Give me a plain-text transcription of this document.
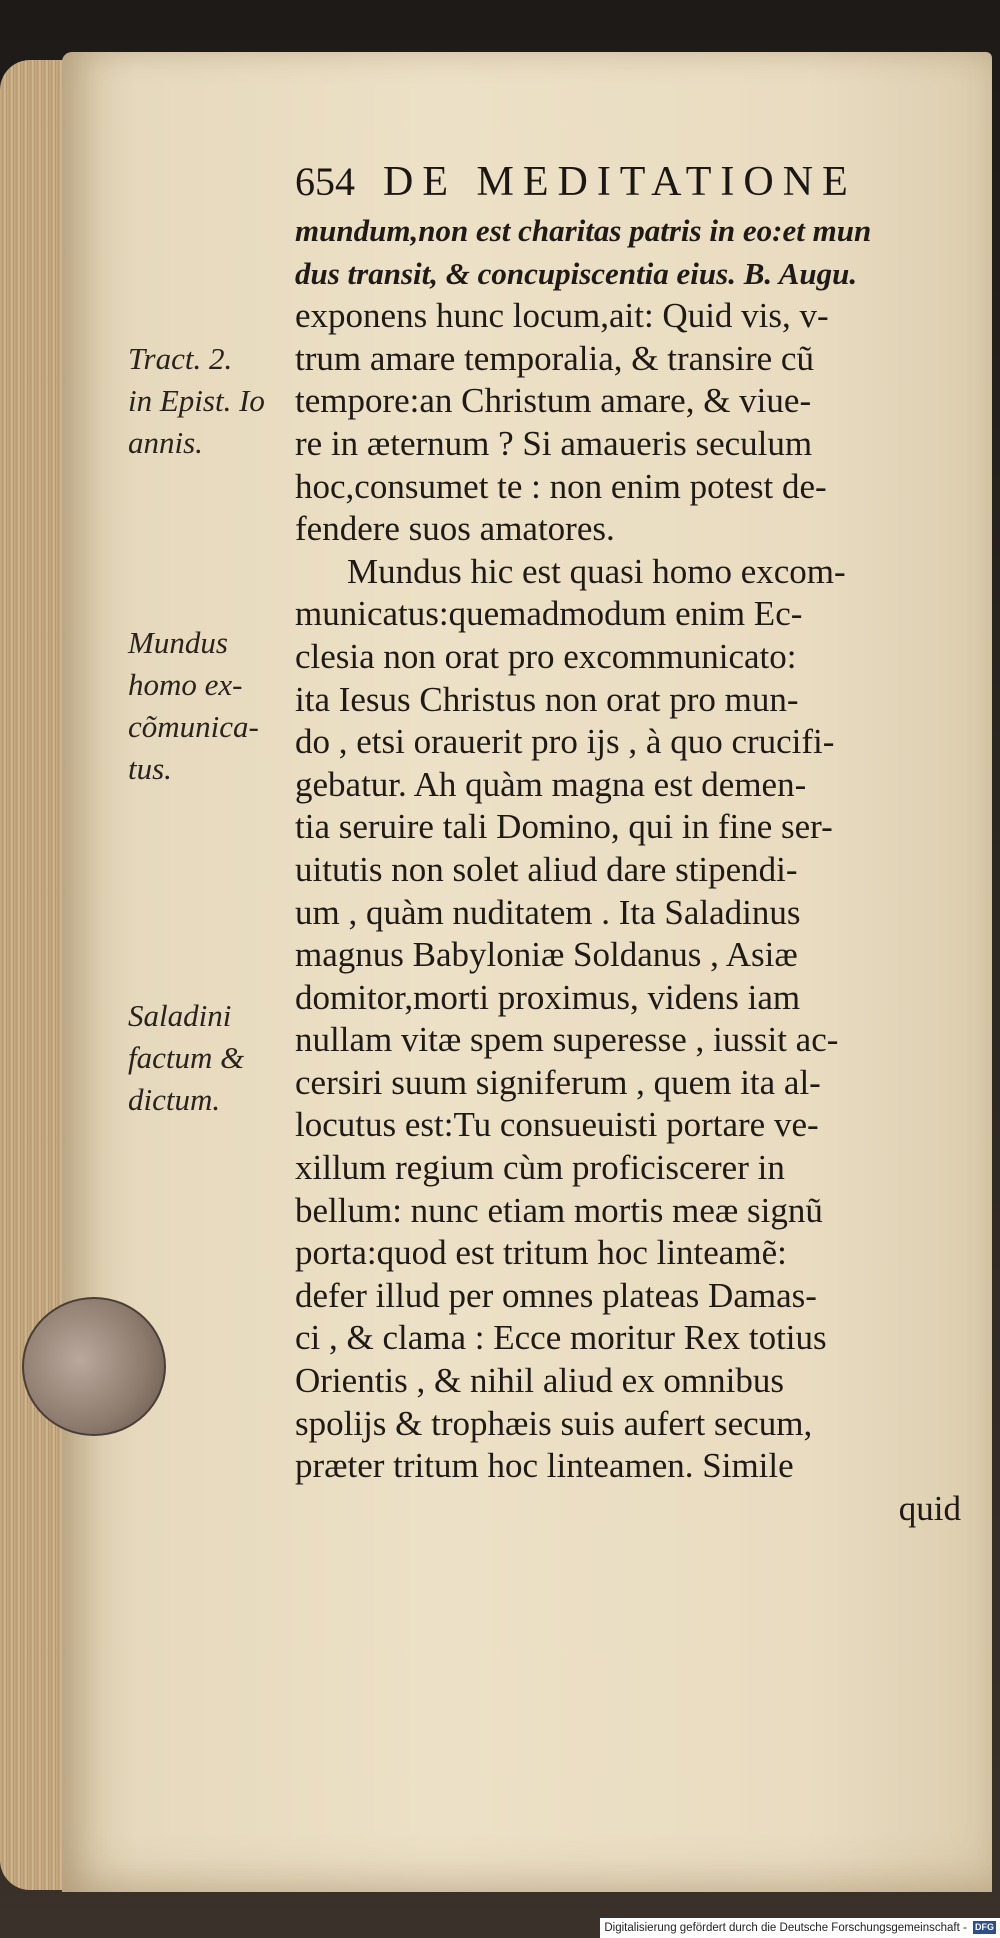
654 DE MEDITATIONE
Tract. 2.
in Epist. Io
annis.
Mundus
homo ex-
cõmunica-
tus.
Saladini
factum &
dictum.
mundum,non est charitas patris in eo:et mun
dus transit, & concupiscentia eius. B. Augu.
exponens hunc locum,ait: Quid vis, v-
trum amare temporalia, & transire cũ
tempore:an Christum amare, & viue-
re in æternum ? Si amaueris seculum
hoc,consumet te : non enim potest de-
fendere suos amatores.
Mundus hic est quasi homo excom-
municatus:quemadmodum enim Ec-
clesia non orat pro excommunicato:
ita Iesus Christus non orat pro mun-
do , etsi orauerit pro ijs , à quo crucifi-
gebatur. Ah quàm magna est demen-
tia seruire tali Domino, qui in fine ser-
uitutis non solet aliud dare stipendi-
um , quàm nuditatem . Ita Saladinus
magnus Babyloniæ Soldanus , Asiæ
domitor,morti proximus, videns iam
nullam vitæ spem superesse , iussit ac-
cersiri suum signiferum , quem ita al-
locutus est:Tu consueuisti portare ve-
xillum regium cùm proficiscerer in
bellum: nunc etiam mortis meæ signũ
porta:quod est tritum hoc linteamẽ:
defer illud per omnes plateas Damas-
ci , & clama : Ecce moritur Rex totius
Orientis , & nihil aliud ex omnibus
spolijs & trophæis suis aufert secum,
præter tritum hoc linteamen. Simile
quid
Digitalisierung gefördert durch die Deutsche Forschungsgemeinschaft - DFG
